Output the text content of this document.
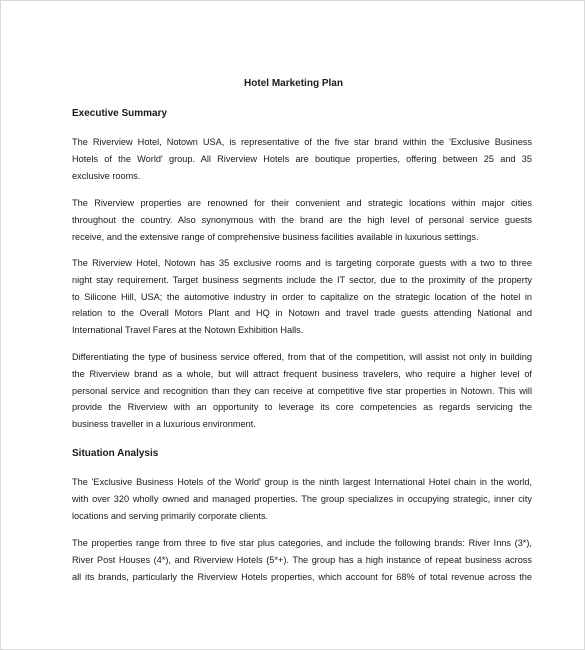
Hotel Marketing Plan
Executive Summary
The Riverview Hotel, Notown USA, is representative of the five star brand within the 'Exclusive Business
Hotels of the World' group. All Riverview Hotels are boutique properties, offering between 25 and 35
exclusive rooms.
The Riverview properties are renowned for their convenient and strategic locations within major cities
throughout the country. Also synonymous with the brand are the high level of personal service guests
receive, and the extensive range of comprehensive business facilities available in luxurious settings.
The Riverview Hotel, Notown has 35 exclusive rooms and is targeting corporate guests with a two to three
night stay requirement. Target business segments include the IT sector, due to the proximity of the property
to Silicone Hill, USA; the automotive industry in order to capitalize on the strategic location of the hotel in
relation to the Overall Motors Plant and HQ in Notown and travel trade guests attending National and
International Travel Fares at the Notown Exhibition Halls.
Differentiating the type of business service offered, from that of the competition, will assist not only in building
the Riverview brand as a whole, but will attract frequent business travelers, who require a higher level of
personal service and recognition than they can receive at competitive five star properties in Notown. This will
provide the Riverview with an opportunity to leverage its core competencies as regards servicing the
business traveller in a luxurious environment.
Situation Analysis
The 'Exclusive Business Hotels of the World' group is the ninth largest International Hotel chain in the world,
with over 320 wholly owned and managed properties. The group specializes in occupying strategic, inner city
locations and serving primarily corporate clients.
The properties range from three to five star plus categories, and include the following brands: River Inns (3*),
River Post Houses (4*), and Riverview Hotels (5*+). The group has a high instance of repeat business across
all its brands, particularly the Riverview Hotels properties, which account for 68% of total revenue across the
